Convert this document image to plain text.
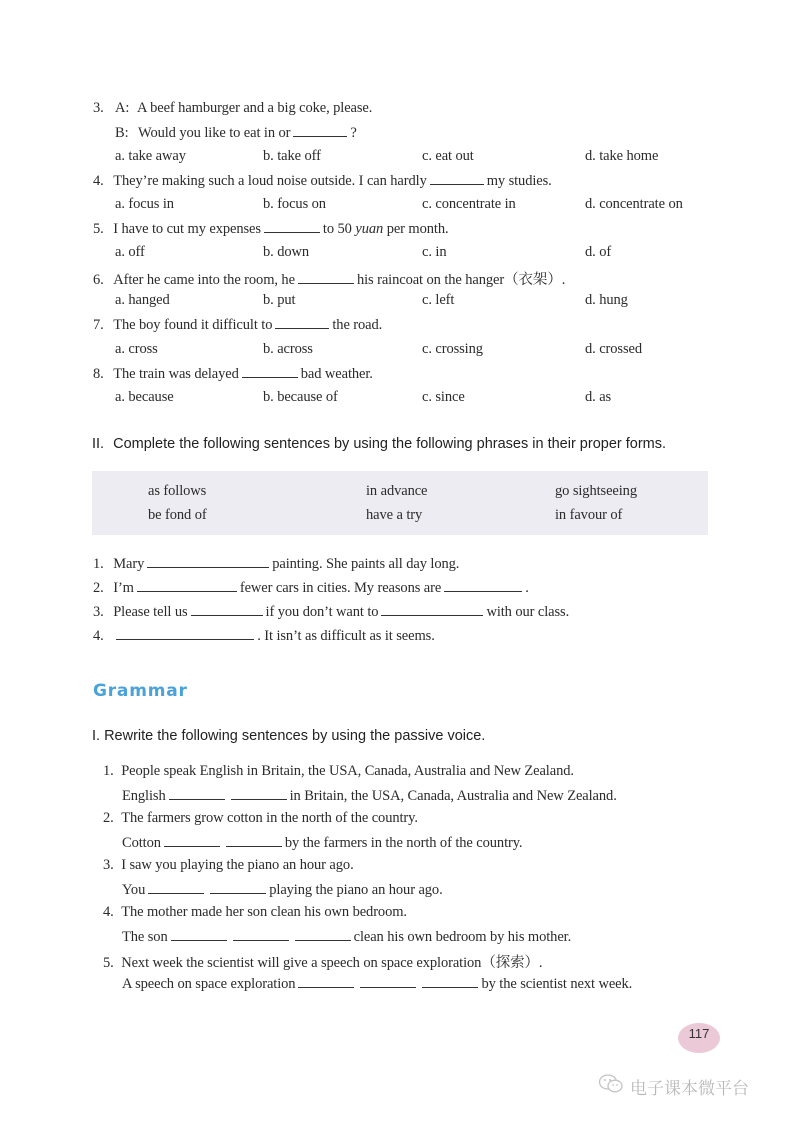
3. A: A beef hamburger and a big coke, please.
B: Would you like to eat in or	?
a. take away	b. take off	c. eat out	d. take home
4. They’re making such a loud noise outside. I can hardly	my studies.
a. focus in	b. focus on	c. concentrate in	d. concentrate on
5. I have to cut my expenses	to 50 yuan per month.
a. off	b. down	c. in	d. of
6. After he came into the room, he	his raincoat on the hanger（衣架）.
a. hanged	b. put	c. left	d. hung
7. The boy found it difficult to	the road.
a. cross	b. across	c. crossing	d. crossed
8. The train was delayed	bad weather.
a. because	b. because of	c. since	d. as
II. Complete the following sentences by using the following phrases in their proper forms.
as follows	in advance	go sightseeing
be fond of	have a try	in favour of
1. Mary	painting. She paints all day long.
2. I’m	fewer cars in cities. My reasons are	.
3. Please tell us	if you don’t want to	with our class.
4.	. It isn’t as difficult as it seems.
Grammar
I. Rewrite the following sentences by using the passive voice.
1. People speak English in Britain, the USA, Canada, Australia and New Zealand.
English	in Britain, the USA, Canada, Australia and New Zealand.
2. The farmers grow cotton in the north of the country.
Cotton	by the farmers in the north of the country.
3. I saw you playing the piano an hour ago.
You	playing the piano an hour ago.
4. The mother made her son clean his own bedroom.
The son	clean his own bedroom by his mother.
5. Next week the scientist will give a speech on space exploration（探索）.
A speech on space exploration	by the scientist next week.
117
电子课本微平台
